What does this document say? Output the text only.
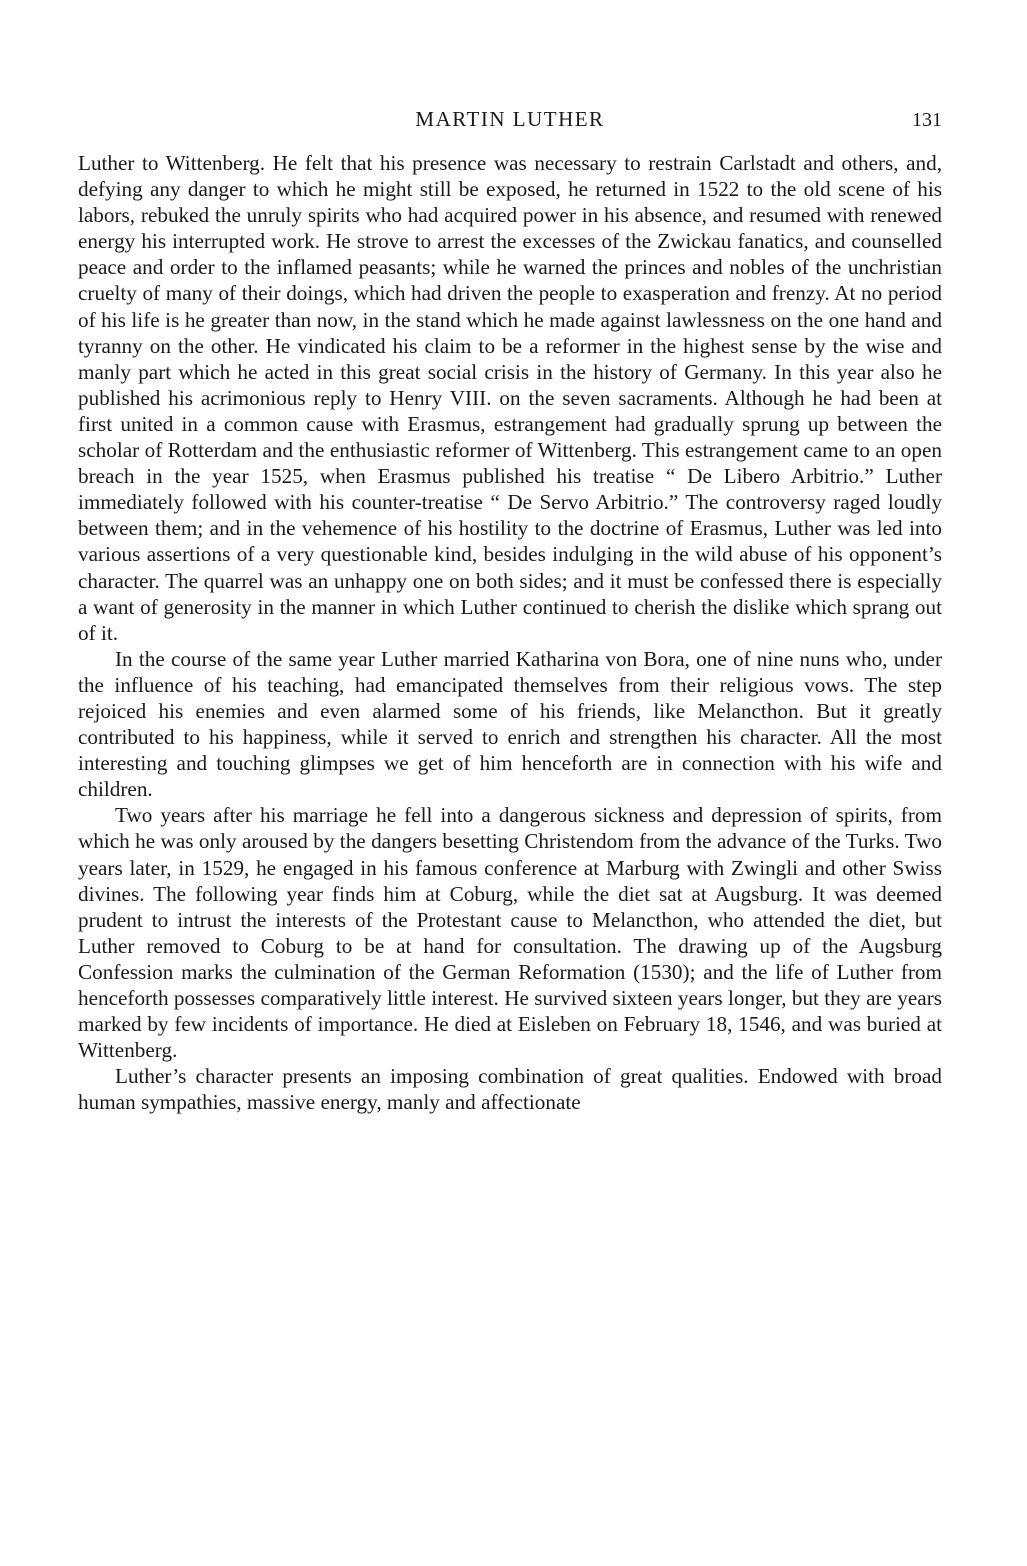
MARTIN LUTHER	131

Luther to Wittenberg. He felt that his presence was necessary to restrain Carlstadt and others, and, defying any danger to which he might still be exposed, he returned in 1522 to the old scene of his labors, rebuked the unruly spirits who had acquired power in his absence, and resumed with renewed energy his interrupted work. He strove to arrest the excesses of the Zwickau fanatics, and counselled peace and order to the inflamed peasants; while he warned the princes and nobles of the unchristian cruelty of many of their doings, which had driven the people to exasperation and frenzy. At no period of his life is he greater than now, in the stand which he made against lawlessness on the one hand and tyranny on the other. He vindicated his claim to be a reformer in the highest sense by the wise and manly part which he acted in this great social crisis in the history of Germany. In this year also he published his acrimonious reply to Henry VIII. on the seven sacraments. Although he had been at first united in a common cause with Erasmus, estrangement had gradually sprung up between the scholar of Rotterdam and the enthusiastic reformer of Wittenberg. This estrangement came to an open breach in the year 1525, when Erasmus published his treatise “ De Libero Arbitrio.” Luther immediately followed with his counter-treatise “ De Servo Arbitrio.” The controversy raged loudly between them; and in the vehemence of his hostility to the doctrine of Erasmus, Luther was led into various assertions of a very questionable kind, besides indulging in the wild abuse of his opponent’s character. The quarrel was an unhappy one on both sides; and it must be confessed there is especially a want of generosity in the manner in which Luther continued to cherish the dislike which sprang out of it.

In the course of the same year Luther married Katharina von Bora, one of nine nuns who, under the influence of his teaching, had emancipated themselves from their religious vows. The step rejoiced his enemies and even alarmed some of his friends, like Melancthon. But it greatly contributed to his happiness, while it served to enrich and strengthen his character. All the most interesting and touching glimpses we get of him henceforth are in connection with his wife and children.

Two years after his marriage he fell into a dangerous sickness and depression of spirits, from which he was only aroused by the dangers besetting Christendom from the advance of the Turks. Two years later, in 1529, he engaged in his famous conference at Marburg with Zwingli and other Swiss divines. The following year finds him at Coburg, while the diet sat at Augsburg. It was deemed prudent to intrust the interests of the Protestant cause to Melancthon, who attended the diet, but Luther removed to Coburg to be at hand for consultation. The drawing up of the Augsburg Confession marks the culmination of the German Reformation (1530); and the life of Luther from henceforth possesses comparatively little interest. He survived sixteen years longer, but they are years marked by few incidents of importance. He died at Eisleben on February 18, 1546, and was buried at Wittenberg.

Luther’s character presents an imposing combination of great qualities. Endowed with broad human sympathies, massive energy, manly and affectionate
